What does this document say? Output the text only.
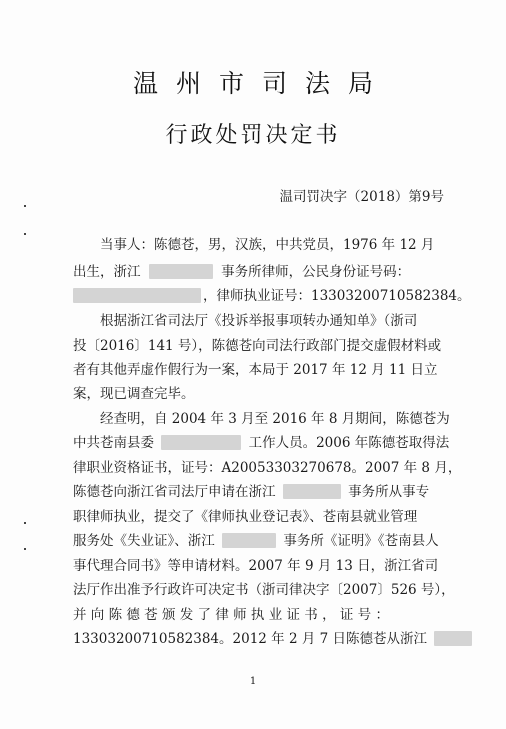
温州市司法局
行政处罚决定书
温司罚决字（2018）第9号
当事人：陈德苍，男，汉族，中共党员，1976 年 12 月
出生，浙江	事务所律师，公民身份证号码：
，律师执业证号：13303200710582384。
根据浙江省司法厅《投诉举报事项转办通知单》（浙司
投〔2016〕141 号），陈德苍向司法行政部门提交虚假材料或
者有其他弄虚作假行为一案，本局于 2017 年 12 月 11 日立
案，现已调查完毕。
经查明，自 2004 年 3 月至 2016 年 8 月期间，陈德苍为
中共苍南县委	工作人员。2006 年陈德苍取得法
律职业资格证书，证号：A20053303270678。2007 年 8 月，
陈德苍向浙江省司法厅申请在浙江	事务所从事专
职律师执业，提交了《律师执业登记表》、苍南县就业管理
服务处《失业证》、浙江	事务所《证明》《苍南县人
事代理合同书》等申请材料。2007 年 9 月 13 日，浙江省司
法厅作出准予行政许可决定书（浙司律决字〔2007〕526 号），
并 向 陈 德 苍 颁 发 了 律 师 执 业 证 书 ， 证 号 ：
13303200710582384。2012 年 2 月 7 日陈德苍从浙江
1
